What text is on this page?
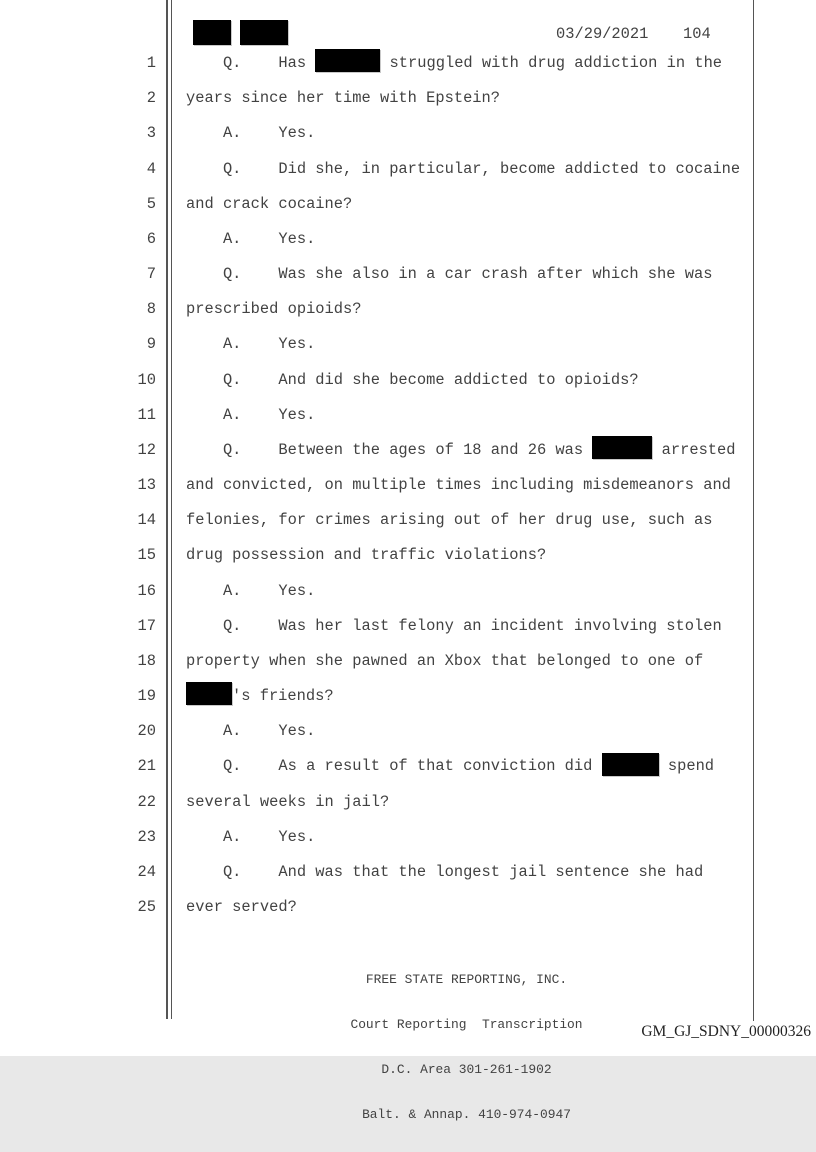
03/29/2021 104
1 Q.    Has	struggled with drug addiction in the
2 years since her time with Epstein?
3 A.    Yes.
4 Q.    Did she, in particular, become addicted to cocaine
5 and crack cocaine?
6 A.    Yes.
7 Q.    Was she also in a car crash after which she was
8 prescribed opioids?
9 A.    Yes.
10 Q.    And did she become addicted to opioids?
11 A.    Yes.
12 Q.    Between the ages of 18 and 26 was	arrested
13 and convicted, on multiple times including misdemeanors and
14 felonies, for crimes arising out of her drug use, such as
15 drug possession and traffic violations?
16 A.    Yes.
17 Q.    Was her last felony an incident involving stolen
18 property when she pawned an Xbox that belonged to one of
19	's friends?
20 A.    Yes.
21 Q.    As a result of that conviction did	spend
22 several weeks in jail?
23 A.    Yes.
24 Q.    And was that the longest jail sentence she had
25 ever served?

FREE STATE REPORTING, INC.

Court Reporting  Transcription

D.C. Area 301-261-1902

Balt. & Annap. 410-974-0947

GM_GJ_SDNY_00000326
